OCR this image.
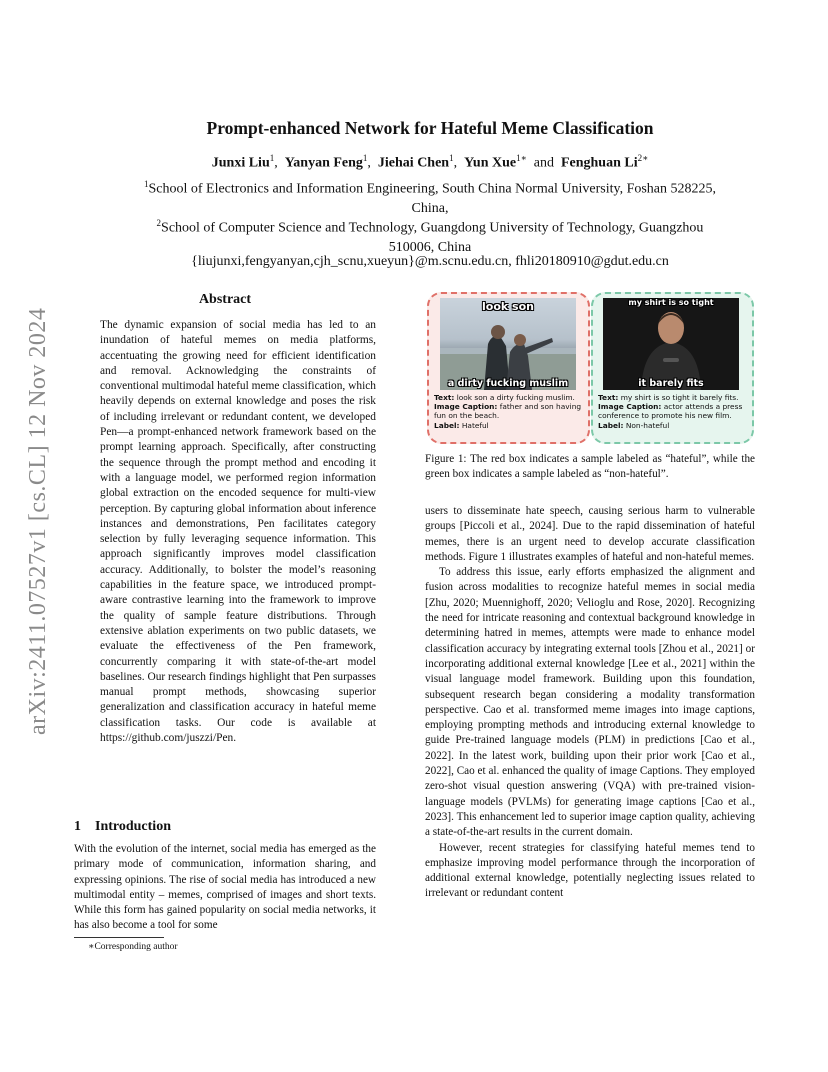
arXiv:2411.07527v1 [cs.CL] 12 Nov 2024
Prompt-enhanced Network for Hateful Meme Classification
Junxi Liu$^1$, Yanyan Feng$^1$, Jiehai Chen$^1$, Yun Xue$^{1∗}$ and Fenghuan $Li^{2∗}$
$^1$School of Electronics and Information Engineering, South China Normal University, Foshan 528225,
China,
$^2$School of Computer Science and Technology, Guangdong University of Technology, Guangzhou
510006, China
{liujunxi,fengyanyan,cjh_scnu,xueyun}@m.scnu.edu.cn, fhli20180910@gdut.edu.cn
Abstract
The dynamic expansion of social media has led to an inundation of hateful memes on media platforms, accentuating the growing need for efficient identification and removal. Acknowledging the constraints of conventional multimodal hateful meme classification, which heavily depends on external knowledge and poses the risk of including irrelevant or redundant content, we developed Pen—a prompt-enhanced network framework based on the prompt learning approach. Specifically, after constructing the sequence through the prompt method and encoding it with a language model, we performed region information global extraction on the encoded sequence for multi-view perception. By capturing global information about inference instances and demonstrations, Pen facilitates category selection by fully leveraging sequence information. This approach significantly improves model classification accuracy. Additionally, to bolster the model’s reasoning capabilities in the feature space, we introduced prompt-aware contrastive learning into the framework to improve the quality of sample feature distributions. Through extensive ablation experiments on two public datasets, we evaluate the effectiveness of the Pen framework, concurrently comparing it with state-of-the-art model baselines. Our research findings highlight that Pen surpasses manual prompt methods, showcasing superior generalization and classification accuracy in hateful meme classification tasks. Our code is available at https://github.com/juszzi/Pen.
1 Introduction
With the evolution of the internet, social media has emerged as the primary mode of communication, information sharing, and expressing opinions. The rise of social media has introduced a new multimodal entity – memes, comprised of images and short texts. While this form has gained popularity on social media networks, it has also become a tool for some
∗Corresponding author
look son
a dirty fucking muslim
my shirt is so tight
it barely fits
Text: look son a dirty fucking muslim.
Image Caption: father and son having fun on the beach.
Label: Hateful
Text: my shirt is so tight it barely fits.
Image Caption: actor attends a press conference to promote his new film.
Label: Non-hateful
Figure 1: The red box indicates a sample labeled as “hateful”, while the green box indicates a sample labeled as “non-hateful”.

users to disseminate hate speech, causing serious harm to vulnerable groups [Piccoli et al., 2024]. Due to the rapid dissemination of hateful memes, there is an urgent need to develop accurate classification methods. Figure 1 illustrates examples of hateful and non-hateful memes.

To address this issue, early efforts emphasized the alignment and fusion across modalities to recognize hateful memes in social media [Zhu, 2020; Muennighoff, 2020; Velioglu and Rose, 2020]. Recognizing the need for intricate reasoning and contextual background knowledge in determining hatred in memes, attempts were made to enhance model classification accuracy by integrating external tools [Zhou et al., 2021] or incorporating additional external knowledge [Lee et al., 2021] within the visual language model framework. Building upon this foundation, subsequent research began considering a modality transformation perspective. Cao et al. transformed meme images into image captions, employing prompting methods and introducing external knowledge to guide Pre-trained language models (PLM) in predictions [Cao et al., 2022]. In the latest work, building upon their prior work [Cao et al., 2022], Cao et al. enhanced the quality of image Captions. They employed zero-shot visual question answering (VQA) with pre-trained vision-language models (PVLMs) for generating image captions [Cao et al., 2023]. This enhancement led to superior image caption quality, achieving a state-of-the-art results in the current domain.

However, recent strategies for classifying hateful memes tend to emphasize improving model performance through the incorporation of additional external knowledge, potentially neglecting issues related to irrelevant or redundant content
